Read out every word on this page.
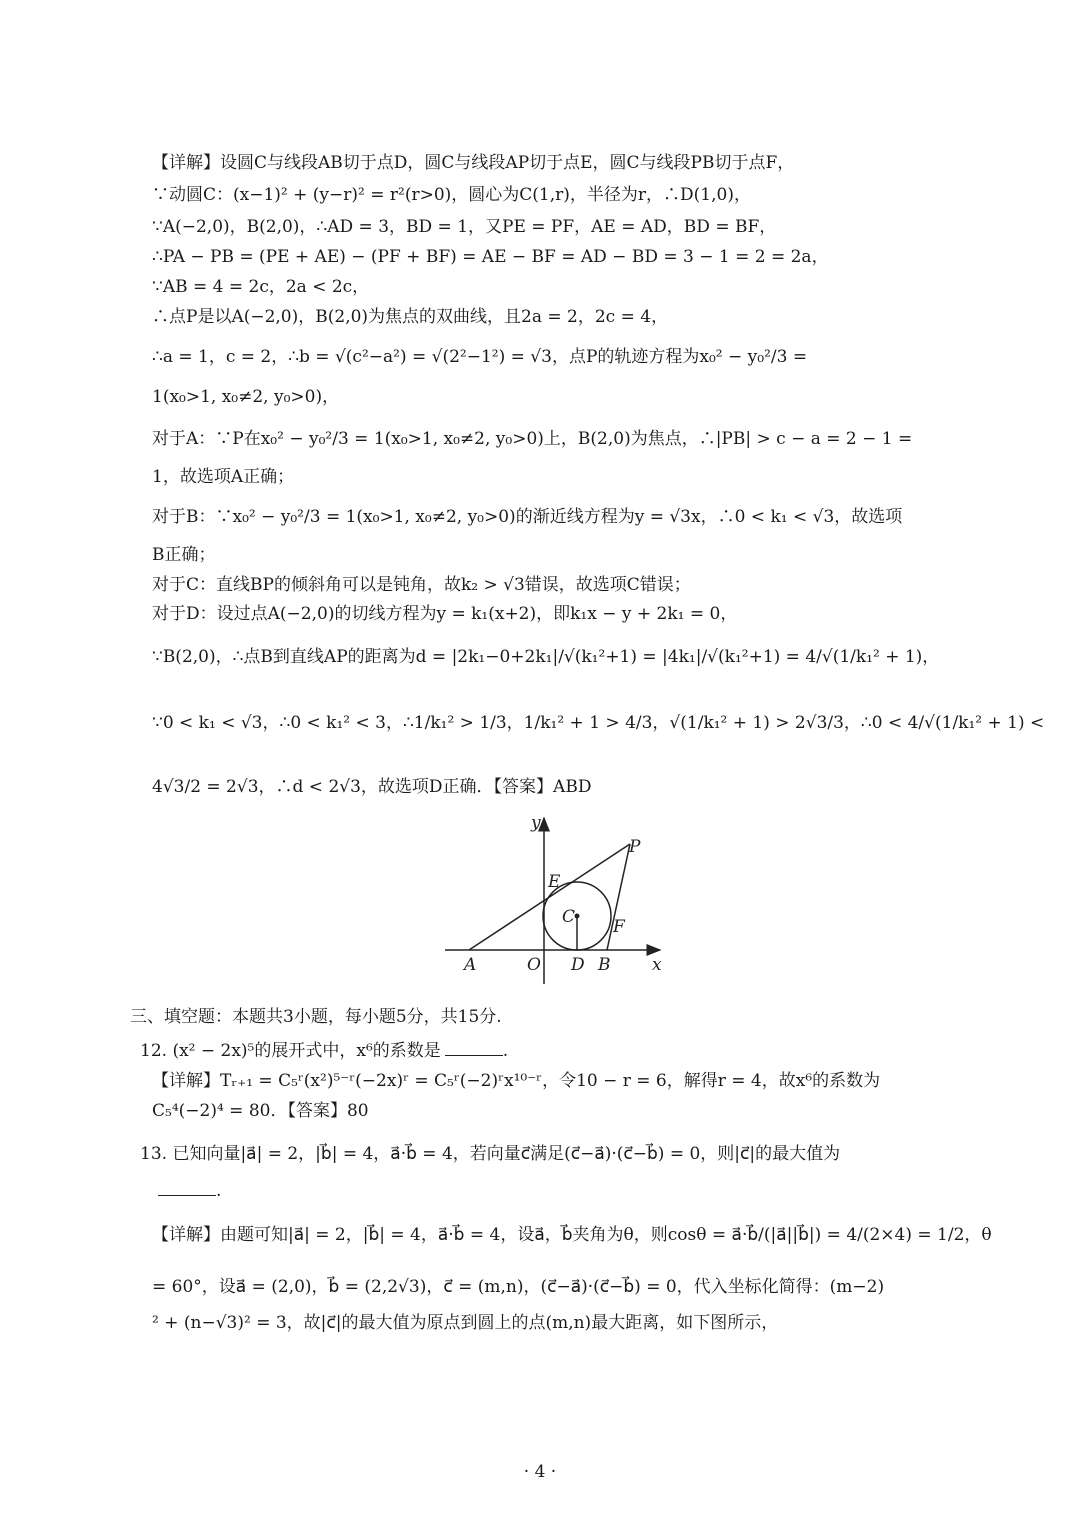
【详解】设圆C与线段AB切于点D，圆C与线段AP切于点E，圆C与线段PB切于点F，
∵动圆C：(x−1)² + (y−r)² = r²(r>0)，圆心为C(1,r)，半径为r，∴D(1,0)，
∵A(−2,0)，B(2,0)，∴AD = 3，BD = 1，又PE = PF，AE = AD，BD = BF，
∴PA − PB = (PE + AE) − (PF + BF) = AE − BF = AD − BD = 3 − 1 = 2 = 2a，
∵AB = 4 = 2c，2a < 2c，
∴点P是以A(−2,0)，B(2,0)为焦点的双曲线，且2a = 2，2c = 4，
∴a = 1，c = 2，∴b = √(c²−a²) = √(2²−1²) = √3，点P的轨迹方程为x₀² − y₀²/3 =
1(x₀>1, x₀≠2, y₀>0)，
对于A：∵P在x₀² − y₀²/3 = 1(x₀>1, x₀≠2, y₀>0)上，B(2,0)为焦点，∴|PB| > c − a = 2 − 1 =
1，故选项A正确；
对于B：∵x₀² − y₀²/3 = 1(x₀>1, x₀≠2, y₀>0)的渐近线方程为y = √3x，∴0 < k₁ < √3，故选项
B正确；
对于C：直线BP的倾斜角可以是钝角，故k₂ > √3错误，故选项C错误；
对于D：设过点A(−2,0)的切线方程为y = k₁(x+2)，即k₁x − y + 2k₁ = 0，
∵B(2,0)，∴点B到直线AP的距离为d = |2k₁−0+2k₁|/√(k₁²+1) = |4k₁|/√(k₁²+1) = 4/√(1/k₁² + 1)，
∵0 < k₁ < √3，∴0 < k₁² < 3，∴1/k₁² > 1/3，1/k₁² + 1 > 4/3，√(1/k₁² + 1) > 2√3/3，∴0 < 4/√(1/k₁² + 1) <
4√3/2 = 2√3，∴d < 2√3，故选项D正确．【答案】ABD
y
x
P
E
C F
A	O D B
三、填空题：本题共3小题，每小题5分，共15分.
12. (x² − 2x)⁵的展开式中，x⁶的系数是	.
【详解】Tᵣ₊₁ = C₅ʳ(x²)⁵⁻ʳ(−2x)ʳ = C₅ʳ(−2)ʳx¹⁰⁻ʳ，令10 − r = 6，解得r = 4，故x⁶的系数为
C₅⁴(−2)⁴ = 80．【答案】80
13. 已知向量|a⃗| = 2，|b⃗| = 4，a⃗·b⃗ = 4，若向量c⃗满足(c⃗−a⃗)·(c⃗−b⃗) = 0，则|c⃗|的最大值为
.
【详解】由题可知|a⃗| = 2，|b⃗| = 4，a⃗·b⃗ = 4，设a⃗，b⃗夹角为θ，则cosθ = a⃗·b⃗/(|a⃗||b⃗|) = 4/(2×4) = 1/2，θ
= 60°，设a⃗ = (2,0)，b⃗ = (2,2√3)，c⃗ = (m,n)，(c⃗−a⃗)·(c⃗−b⃗) = 0，代入坐标化简得：(m−2)
² + (n−√3)² = 3，故|c⃗|的最大值为原点到圆上的点(m,n)最大距离，如下图所示，
· 4 ·
